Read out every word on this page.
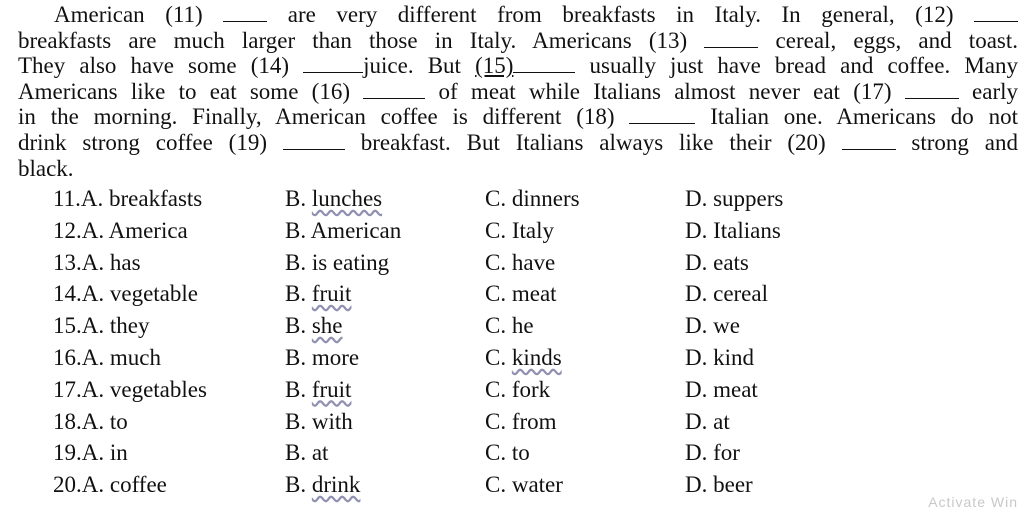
American (11)  are very different from breakfasts in Italy. In general, (12)
breakfasts are much larger than those in Italy. Americans (13)  cereal, eggs, and toast.
They also have some (14)	juice. But (15)	usually just have bread and coffee. Many
Americans like to eat some (16)	of meat while Italians almost never eat (17)  early
in the morning. Finally, American coffee is different (18)	Italian one. Americans do not
drink strong coffee (19)	breakfast. But Italians always like their (20)  strong and
black.
11.A. breakfasts	B. lunches	C. dinners	D. suppers
12.A. America	B. American	C. Italy	D. Italians
13.A. has	B. is eating	C. have	D. eats
14.A. vegetable	B. fruit	C. meat	D. cereal
15.A. they	B. she	C. he	D. we
16.A. much	B. more	C. kinds	D. kind
17.A. vegetables	B. fruit	C. fork	D. meat
18.A. to	B. with	C. from	D. at
19.A. in	B. at	C. to	D. for
20.A. coffee	B. drink	C. water	D. beer
Activate Win
